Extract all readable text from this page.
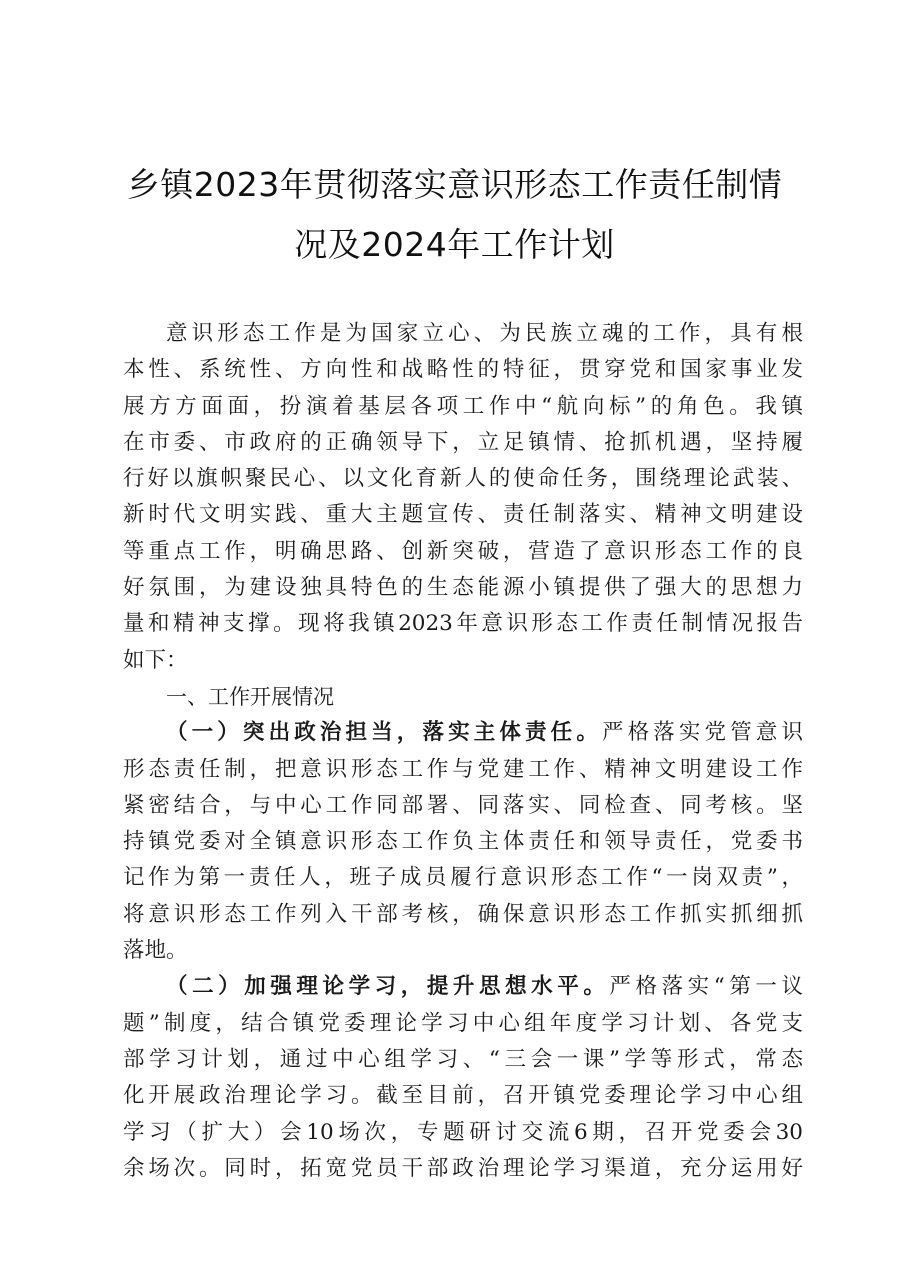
乡镇2023年贯彻落实意识形态工作责任制情
况及2024年工作计划
意识形态工作是为国家立心、为民族立魂的工作，具有根
本性、系统性、方向性和战略性的特征，贯穿党和国家事业发
展方方面面，扮演着基层各项工作中“航向标”的角色。我镇
在市委、市政府的正确领导下，立足镇情、抢抓机遇，坚持履
行好以旗帜聚民心、以文化育新人的使命任务，围绕理论武装、
新时代文明实践、重大主题宣传、责任制落实、精神文明建设
等重点工作，明确思路、创新突破，营造了意识形态工作的良
好氛围，为建设独具特色的生态能源小镇提供了强大的思想力
量和精神支撑。现将我镇2023年意识形态工作责任制情况报告
如下：
一、工作开展情况
（一）突出政治担当，落实主体责任。严格落实党管意识
形态责任制，把意识形态工作与党建工作、精神文明建设工作
紧密结合，与中心工作同部署、同落实、同检查、同考核。坚
持镇党委对全镇意识形态工作负主体责任和领导责任，党委书
记作为第一责任人，班子成员履行意识形态工作“一岗双责”，
将意识形态工作列入干部考核，确保意识形态工作抓实抓细抓
落地。
（二）加强理论学习，提升思想水平。严格落实“第一议
题”制度，结合镇党委理论学习中心组年度学习计划、各党支
部学习计划，通过中心组学习、“三会一课”学等形式，常态
化开展政治理论学习。截至目前，召开镇党委理论学习中心组
学习（扩大）会10场次，专题研讨交流6期，召开党委会30
余场次。同时，拓宽党员干部政治理论学习渠道，充分运用好
